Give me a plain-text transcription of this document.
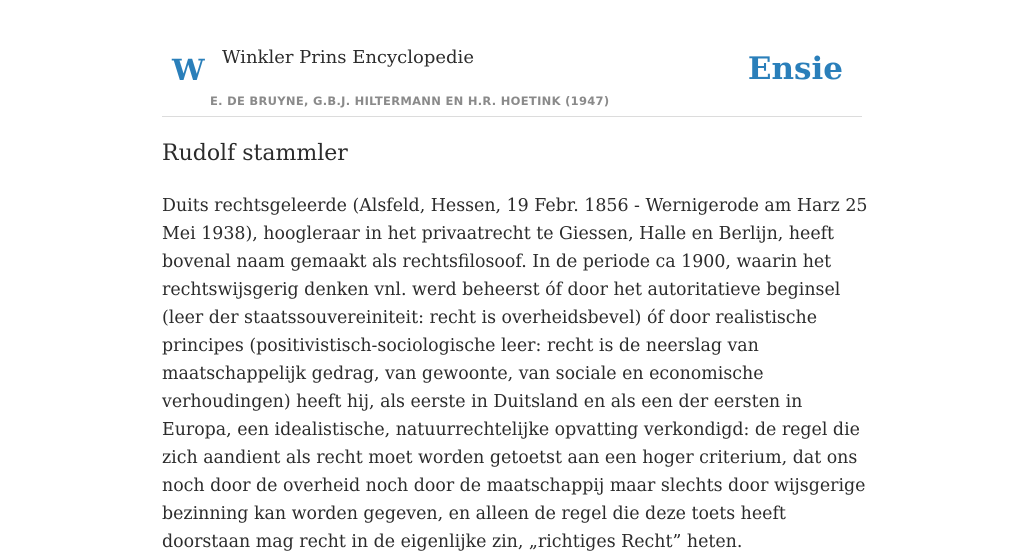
W Winkler Prins Encyclopedie
E. DE BRUYNE, G.B.J. HILTERMANN EN H.R. HOETINK (1947)
Ensie
Rudolf stammler

Duits rechtsgeleerde (Alsfeld, Hessen, 19 Febr. 1856 - Wernigerode am Harz 25 Mei 1938), hoogleraar in het privaatrecht te Giessen, Halle en Berlijn, heeft bovenal naam gemaakt als rechtsfilosoof. In de periode ca 1900, waarin het rechtswijsgerig denken vnl. werd beheerst óf door het autoritatieve beginsel (leer der staatssouvereiniteit: recht is overheidsbevel) óf door realistische principes (positivistisch-sociologische leer: recht is de neerslag van maatschappelijk gedrag, van gewoonte, van sociale en economische verhoudingen) heeft hij, als eerste in Duitsland en als een der eersten in Europa, een idealistische, natuurrechtelijke opvatting verkondigd: de regel die zich aandient als recht moet worden getoetst aan een hoger criterium, dat ons noch door de overheid noch door de maatschappij maar slechts door wijsgerige bezinning kan worden gegeven, en alleen de regel die deze toets heeft doorstaan mag recht in de eigenlijke zin, „richtiges Recht” heten.
